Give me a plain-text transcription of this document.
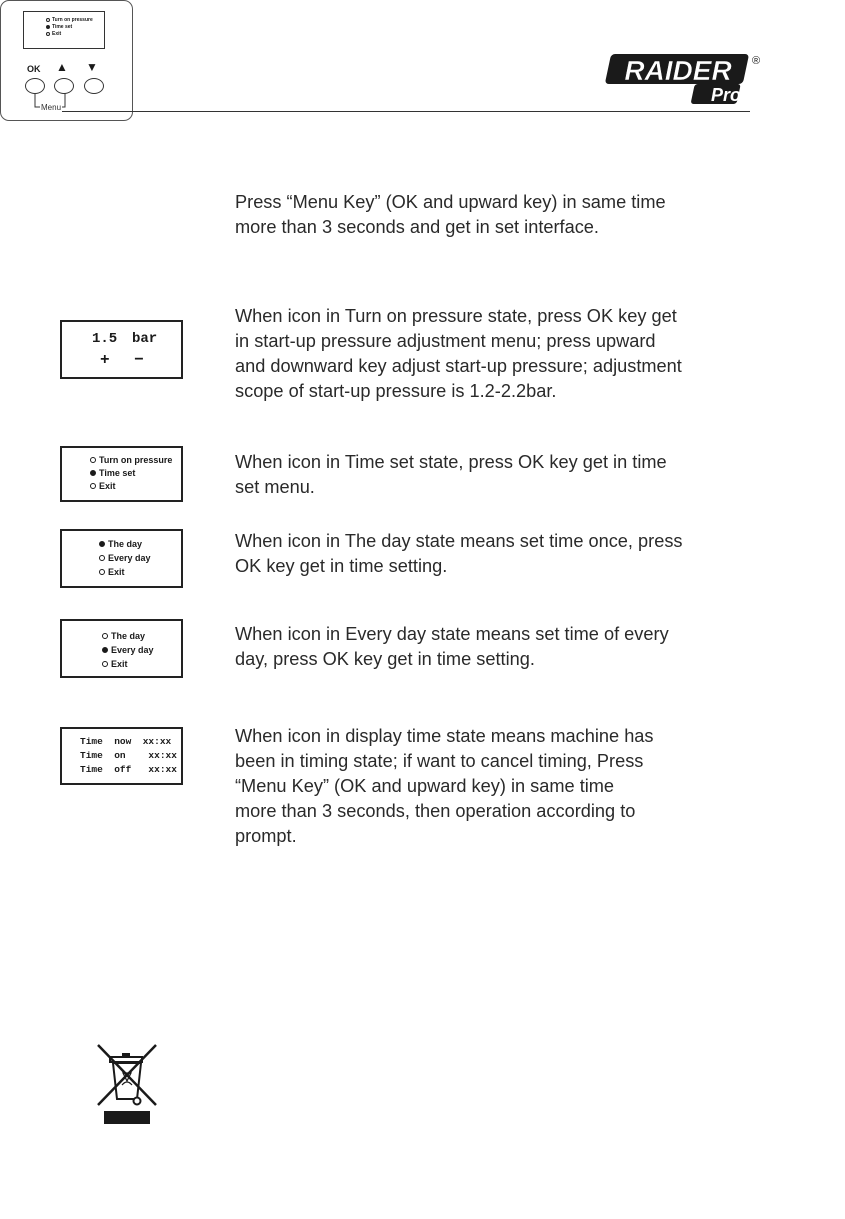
RAIDER
Pro
®
Turn on pressure
Time set
Exit
OK ▲ ▼
Menu
Press “Menu Key” (OK and upward key) in same time
more than 3 seconds and get in set interface.
1.5 bar
+ −
When icon in Turn on pressure state, press OK key get
in start-up pressure adjustment menu; press upward
and downward key adjust start-up pressure; adjustment
scope of start-up pressure is 1.2-2.2bar.
Turn on pressure
Time set
Exit
When icon in Time set state, press OK key get in time
set menu.
The day
Every day
Exit
When icon in The day state means set time once, press
OK key get in time setting.
The day
Every day
Exit
When icon in Every day state means set time of every
day, press OK key get in time setting.
Time  now  xx:xx
Time  on    xx:xx
Time  off   xx:xx
When icon in display time state means machine has
been in timing state; if want to cancel timing, Press
“Menu Key” (OK and upward key) in same time
more than 3 seconds, then operation according to
prompt.
